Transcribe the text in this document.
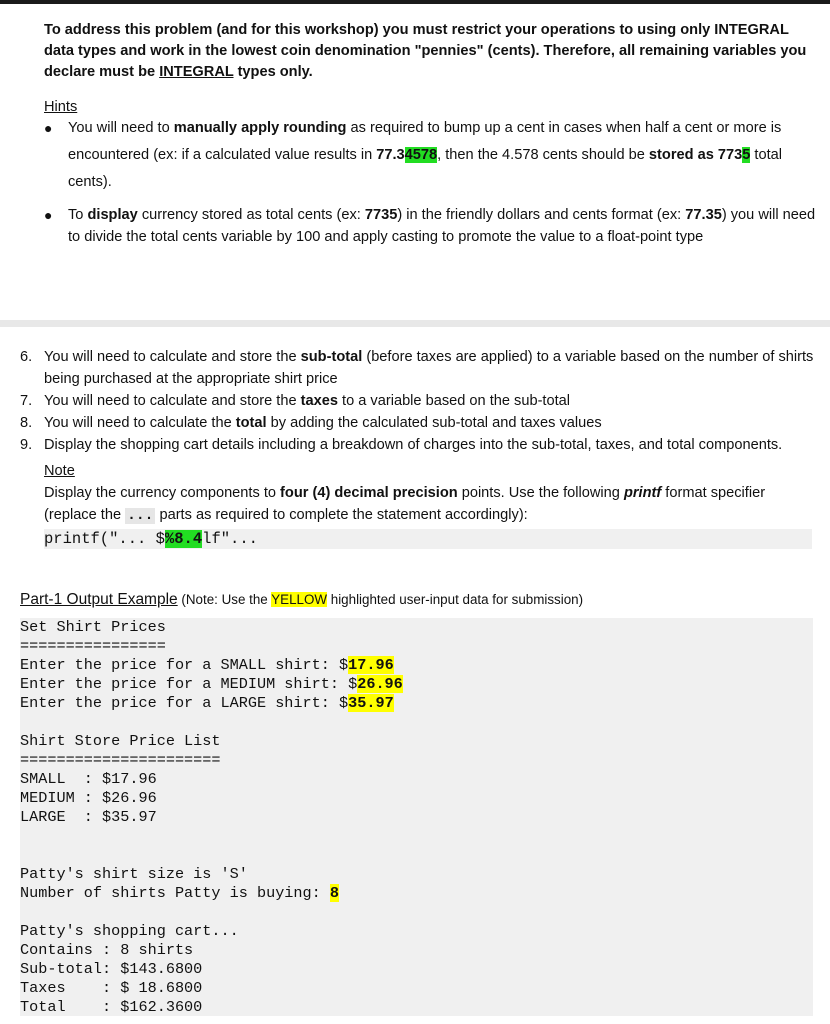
To address this problem (and for this workshop) you must restrict your operations to using only INTEGRAL data types and work in the lowest coin denomination "pennies" (cents). Therefore, all remaining variables you declare must be INTEGRAL types only.

Hints
● You will need to manually apply rounding as required to bump up a cent in cases when half a cent or more is encountered (ex: if a calculated value results in 77.34578, then the 4.578 cents should be stored as 7735 total cents).
● To display currency stored as total cents (ex: 7735) in the friendly dollars and cents format (ex: 77.35) you will need to divide the total cents variable by 100 and apply casting to promote the value to a float-point type
6. You will need to calculate and store the sub-total (before taxes are applied) to a variable based on the number of shirts being purchased at the appropriate shirt price
7. You will need to calculate and store the taxes to a variable based on the sub-total
8. You will need to calculate the total by adding the calculated sub-total and taxes values
9. Display the shopping cart details including a breakdown of charges into the sub-total, taxes, and total components.
Note
Display the currency components to four (4) decimal precision points. Use the following printf format specifier (replace the ... parts as required to complete the statement accordingly):
printf("... $%8.4lf"...
Part-1 Output Example (Note: Use the YELLOW highlighted user-input data for submission)
Set Shirt Prices
================
Enter the price for a SMALL shirt: $17.96
Enter the price for a MEDIUM shirt: $26.96
Enter the price for a LARGE shirt: $35.97
Shirt Store Price List
======================
SMALL  : $17.96
MEDIUM : $26.96
LARGE  : $35.97
Patty's shirt size is 'S'
Number of shirts Patty is buying: 8
Patty's shopping cart...
Contains : 8 shirts
Sub-total: $143.6800
Taxes    : $ 18.6800
Total    : $162.3600
